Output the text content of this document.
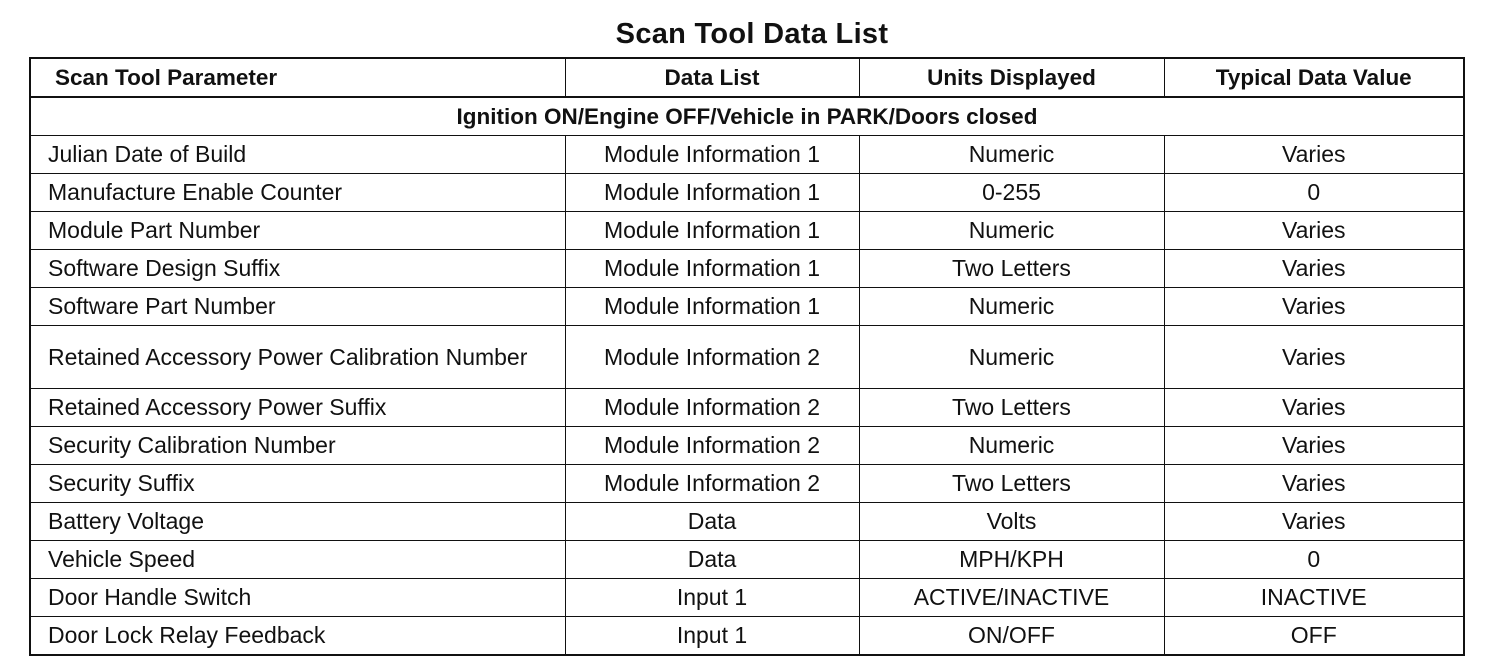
Scan Tool Data List
Scan Tool Parameter	Data List	Units Displayed	Typical Data Value
Ignition ON/Engine OFF/Vehicle in PARK/Doors closed			
Julian Date of Build	Module Information 1	Numeric	Varies
Manufacture Enable Counter	Module Information 1	0-255	0
Module Part Number	Module Information 1	Numeric	Varies
Software Design Suffix	Module Information 1	Two Letters	Varies
Software Part Number	Module Information 1	Numeric	Varies
Retained Accessory Power Calibration Number	Module Information 2	Numeric	Varies
Retained Accessory Power Suffix	Module Information 2	Two Letters	Varies
Security Calibration Number	Module Information 2	Numeric	Varies
Security Suffix	Module Information 2	Two Letters	Varies
Battery Voltage	Data	Volts	Varies
Vehicle Speed	Data	MPH/KPH	0
Door Handle Switch	Input 1	ACTIVE/INACTIVE	INACTIVE
Door Lock Relay Feedback	Input 1	ON/OFF	OFF
